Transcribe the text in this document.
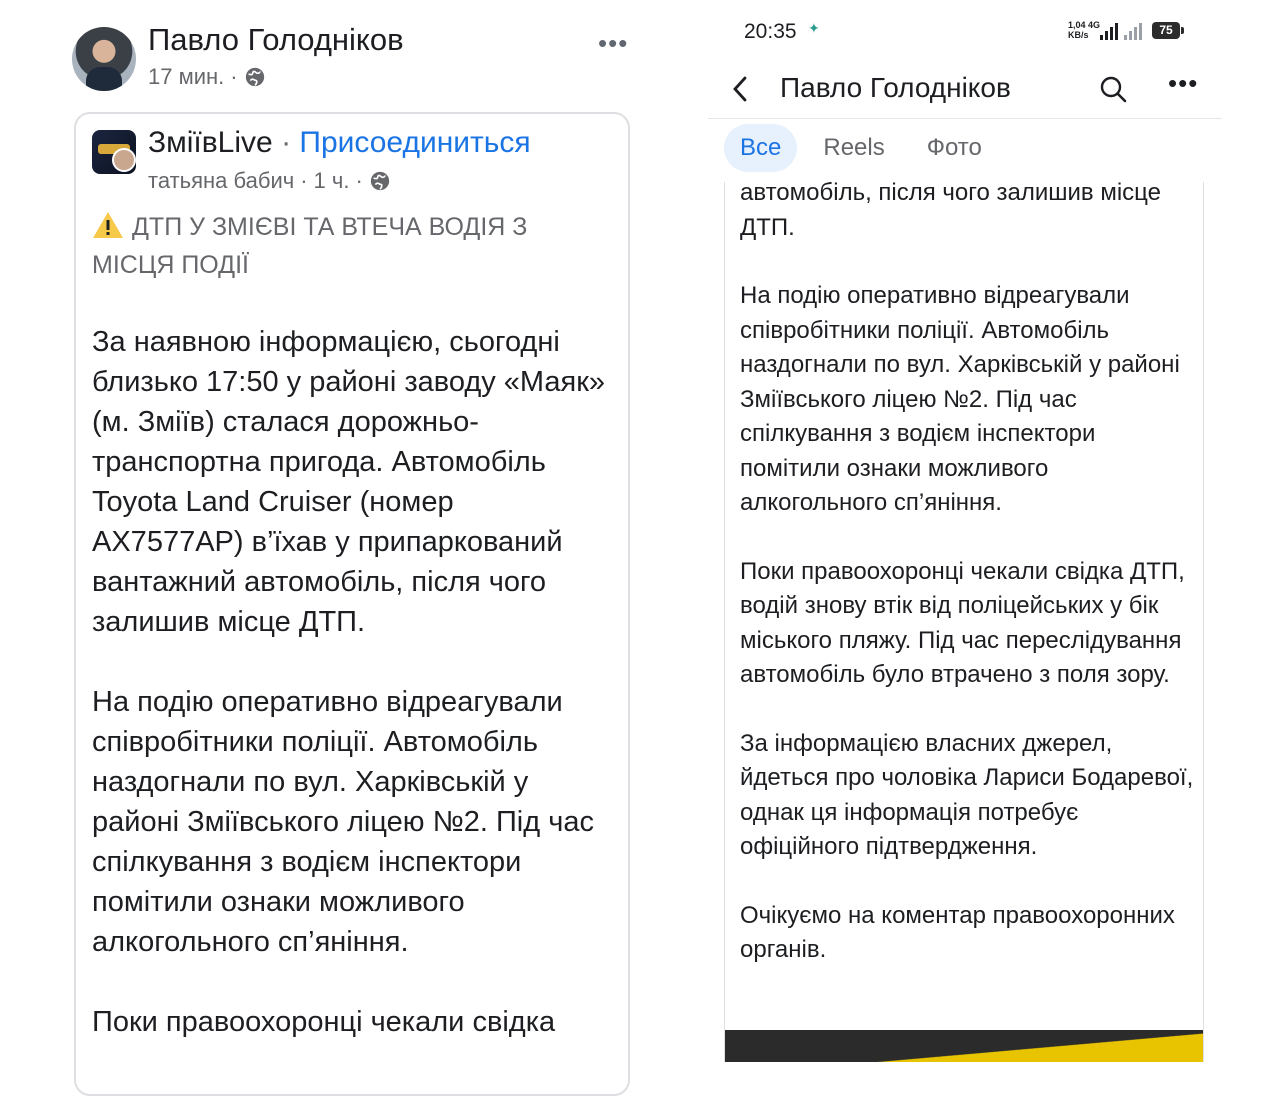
Павло Голодніков
17 мин. ·
•••
ЗміївLive · Присоединиться
татьяна бабич · 1 ч. ·
ДТП У ЗМІЄВІ ТА ВТЕЧА ВОДІЯ З МІСЦЯ ПОДІЇ

За наявною інформацією, сьогодні близько 17:50 у районі заводу «Маяк» (м. Зміїв) сталася дорожньо-транспортна пригода. Автомобіль Toyota Land Cruiser (номер АХ7577АР) в’їхав у припаркований вантажний автомобіль, після чого залишив місце ДТП.

На подію оперативно відреагували співробітники поліції. Автомобіль наздогнали по вул. Харківській у районі Зміївського ліцею №2. Під час спілкування з водієм інспектори помітили ознаки можливого алкогольного сп’яніння.

Поки правоохоронці чекали свідка

20:35 ✦	1,04 4G
KB/s	75
Павло Голодніков	•••
Все	Reels	Фото

автомобіль, після чого залишив місце ДТП.

На подію оперативно відреагували співробітники поліції. Автомобіль наздогнали по вул. Харківській у районі Зміївського ліцею №2. Під час спілкування з водієм інспектори помітили ознаки можливого алкогольного сп’яніння.

Поки правоохоронці чекали свідка ДТП, водій знову втік від поліцейських у бік міського пляжу. Під час переслідування автомобіль було втрачено з поля зору.

За інформацією власних джерел, йдеться про чоловіка Лариси Бодаревої, однак ця інформація потребує офіційного підтвердження.

Очікуємо на коментар правоохоронних органів.
